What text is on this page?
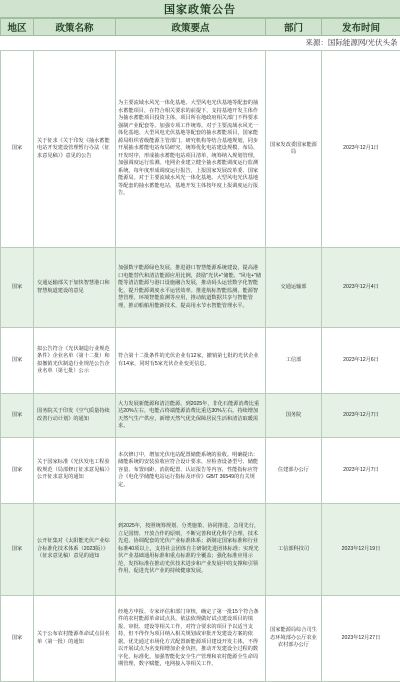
国家政策公告
地区	政策名称	政策要点	部门	发布时间
来源：国际能源网/光伏头条				
国家	关于征求《关于印发《抽水蓄能电站开发建设管理暂行办法（征求意见稿）》意见的公告	为主要流域水风光一体化基地、大型风电光伏基地等配套的抽水蓄能项目，在符合相关要求的前提下，支持基地开发主体作为抽水蓄能项目投资主体，项目所在地政府相关部门不得要求强制产业配套等。加强专项工作统筹。对于主要流域水风光一体化基地、大型风电光伏基地等配套的抽水蓄能项目，国家能源局组织省级能源主管部门、研究机构等结合基地规划，同步开展抽水蓄能电站布局研究，统筹优化电站建设规模、布局、开发时序，形成抽水蓄能电站项目清单，统筹纳入规划管理。加强调度运行监测。电网企业建立健全抽水蓄能调度运行监测系统，每年度形成调度运行报告，上报国家发展改革委、国家能源局。对于主要流域水风光一体化基地、大型风电光伏基地等配套的抽水蓄能电站，基地开发主体按年度上报调度运行报告。	国家发改委国家能源局	2023年12月1日
国家	交通运输部关于加快智慧港口和智慧航道建设的意见	加强数字能源绿色发展。推进港口智慧能源系统建设，提高港口电能替代和清洁能源应用比例，鼓励"光伏+"储能、"风电+"储能等清洁能源与港口设施融合发展，推动码头运营数字化智能化，提升能源调度水平运营效率。推进航标智能监测、能源智慧管理、环境智能监测等应用，推动航道数据共享与智能管理，推动船舶用能新技术，提高用水节水智能管理水平。	交通运输部	2023年12月4日
国家	拟公告符合《光伏制造行业规范条件》企业名单（第十二批）和拟撤销光伏制造行业规范公告企业名单（第七批）公示	符合第十二批条件的光伏企业有12家，撤销第七批的光伏企业有14家，同时有5家光伏企业变更信息。	工信部	2023年12月6日
国家	国务院关于印发《空气质量持续改善行动计划》的通知	大力发展新能源和清洁能源。到2025年，非化石能源消费比重达20%左右，电能占终端能源消费比重达30%左右。持续增加天然气生产供应，新增天然气优先保障居民生活和清洁取暖需求。	国务院	2023年12月7日
国家	关于国家标准《光伏发电工程验收规范（局部修订征求意见稿）》公开征求意见的通知	本次修订中，增加光伏电站配置储能系统的验收。明确提出：储能系统的安装验收应符合设计要求，应检查设备型号、储能容量、布置间距、消防配置、认证报告等内容，性能指标应符合《电化学储能电站运行指标及评价》GB/T 36549的有关规定。	住建部办公厅	2023年12月7日
国家	公开征集对《太阳能光伏产业综合标准化技术体系（2023版）》（征求意见稿）意见的通知	到2025年，按照统筹规划、分类施策、协同推进、急用先行，立足国情、开放合作的原则，不断完善和优化科学合理、技术先进、协调配套的光伏产业标准体系；新制定国家标准和行业标准40项以上，支持社会团体自主研制先进团体标准；实现光伏产业基础通用标准和重点标准的全覆盖；强化标准应用示范，发挥标准在推动光伏技术进步和产业发展中的支撑和引领作用，促进光伏产业的持续健康发展。	工信部科技司	2023年12月19日
国家	关于公布农村能源革命试点县名单（第一批）的通知	经地方申报、专家评估和部门审核，确定了第一批15个符合条件的农村能源革命试点县。依法依规做好试点建设项目的填报、审批、建设等相关工作，对符合要求的项目予以适当支持，但不得作为项目纳入相关规划或审批开发建设方案的依据。优先通过市场化方式配置新能源项目建设开发主体，不得以开展试点为名变相增加企业负担，推动开发建设全过程的数字化、标准化，加强智能化安全生产管理和农村能源全生命周期管理，数字赋能，电网接入等相关工作。	国家能源局综合司生态环境部办公厅农业农村部办公厅	2023年12月27日
